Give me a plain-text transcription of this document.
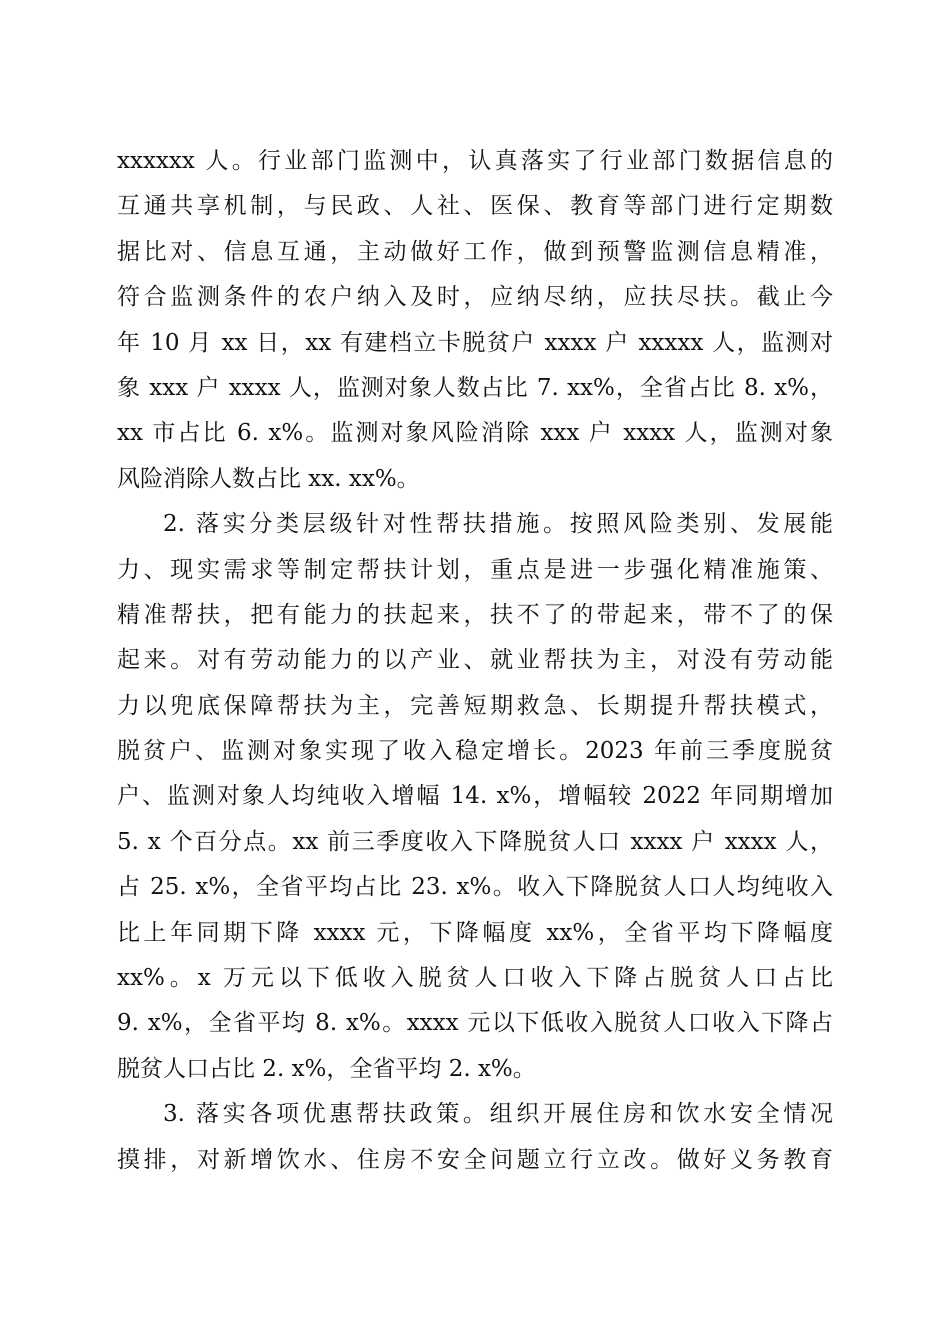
xxxxxx 人。行业部门监测中，认真落实了行业部门数据信息的
互通共享机制，与民政、人社、医保、教育等部门进行定期数
据比对、信息互通，主动做好工作，做到预警监测信息精准，
符合监测条件的农户纳入及时，应纳尽纳，应扶尽扶。截止今
年 10 月 xx 日，xx 有建档立卡脱贫户 xxxx 户 xxxxx 人，监测对
象 xxx 户 xxxx 人，监测对象人数占比 7. xx%，全省占比 8. x%，
xx 市占比 6. x%。监测对象风险消除 xxx 户 xxxx 人，监测对象
风险消除人数占比 xx. xx%。
2. 落实分类层级针对性帮扶措施。按照风险类别、发展能
力、现实需求等制定帮扶计划，重点是进一步强化精准施策、
精准帮扶，把有能力的扶起来，扶不了的带起来，带不了的保
起来。对有劳动能力的以产业、就业帮扶为主，对没有劳动能
力以兜底保障帮扶为主，完善短期救急、长期提升帮扶模式，
脱贫户、监测对象实现了收入稳定增长。2023 年前三季度脱贫
户、监测对象人均纯收入增幅 14. x%，增幅较 2022 年同期增加
5. x 个百分点。xx 前三季度收入下降脱贫人口 xxxx 户 xxxx 人，
占 25. x%，全省平均占比 23. x%。收入下降脱贫人口人均纯收入
比上年同期下降 xxxx 元，下降幅度 xx%，全省平均下降幅度
xx%。x 万元以下低收入脱贫人口收入下降占脱贫人口占比
9. x%，全省平均 8. x%。xxxx 元以下低收入脱贫人口收入下降占
脱贫人口占比 2. x%，全省平均 2. x%。
3. 落实各项优惠帮扶政策。组织开展住房和饮水安全情况
摸排，对新增饮水、住房不安全问题立行立改。做好义务教育
